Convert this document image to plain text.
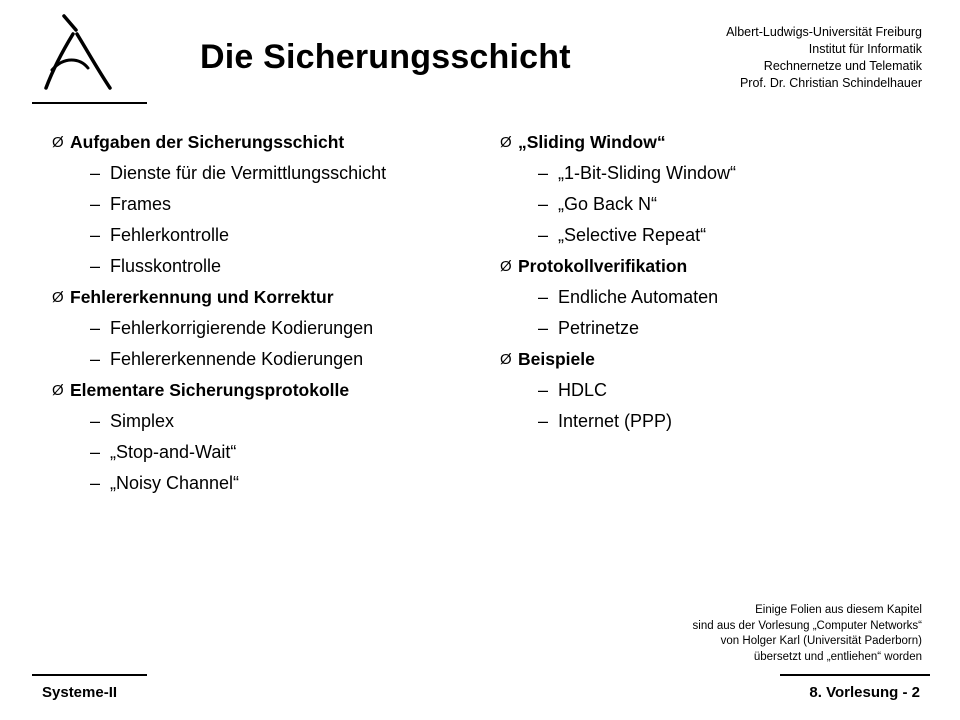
Die Sicherungsschicht
Albert-Ludwigs-Universität Freiburg
Institut für Informatik
Rechnernetze und Telematik
Prof. Dr. Christian Schindelhauer
Ø Aufgaben der Sicherungsschicht
– Dienste für die Vermittlungsschicht
– Frames
– Fehlerkontrolle
– Flusskontrolle
Ø Fehlererkennung und Korrektur
– Fehlerkorrigierende Kodierungen
– Fehlererkennende Kodierungen
Ø Elementare Sicherungsprotokolle
– Simplex
– „Stop-and-Wait“
– „Noisy Channel“
Ø „Sliding Window“
– „1-Bit-Sliding Window“
– „Go Back N“
– „Selective Repeat“
Ø Protokollverifikation
– Endliche Automaten
– Petrinetze
Ø Beispiele
– HDLC
– Internet (PPP)
Einige Folien aus diesem Kapitel
sind aus der Vorlesung „Computer Networks“
von Holger Karl (Universität Paderborn)
übersetzt und „entliehen“ worden
Systeme-II	8. Vorlesung - 2
